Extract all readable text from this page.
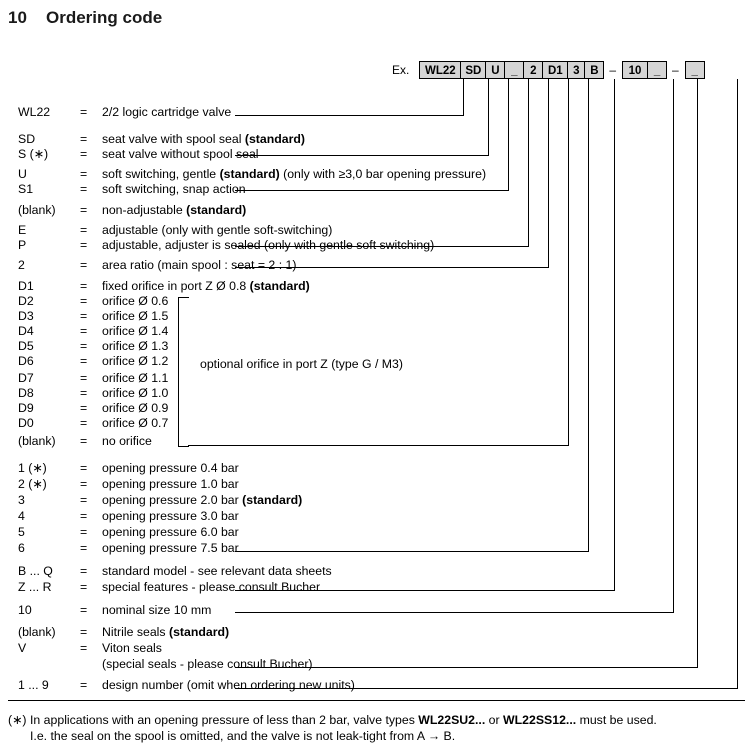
10	Ordering code
Ex.	WL22 SD U	_	2 D1 3 B –	10	_ –	_
WL22	= 2/2 logic cartridge valve
SD	= seat valve with spool seal (standard)
S (∗)	= seat valve without spool seal
U	= soft switching, gentle (standard) (only with ≥3,0 bar opening pressure)
S1	= soft switching, snap action
(blank)	= non-adjustable (standard)
E	= adjustable (only with gentle soft-switching)
P	= adjustable, adjuster is sealed (only with gentle soft switching)
2	= area ratio (main spool : seat = 2 : 1)
D1	= fixed orifice in port Z Ø 0.8 (standard)
D2	= orifice Ø 0.6
D3	= orifice Ø 1.5
D4	= orifice Ø 1.4
D5	= orifice Ø 1.3
D6	= orifice Ø 1.2
D7	= orifice Ø 1.1
D8	= orifice Ø 1.0
D9	= orifice Ø 0.9
D0	= orifice Ø 0.7
(blank)	= no orifice
1 (∗)	= opening pressure 0.4 bar
2 (∗)	= opening pressure 1.0 bar
3	= opening pressure 2.0 bar (standard)
4	= opening pressure 3.0 bar
5	= opening pressure 6.0 bar
6	= opening pressure 7.5 bar
B ... Q	= standard model - see relevant data sheets
Z ... R	= special features - please consult Bucher
10	= nominal size 10 mm
(blank)	= Nitrile seals (standard)
V	= Viton seals
(special seals - please consult Bucher)
1 ... 9	= design number (omit when ordering new units)
optional orifice in port Z (type G / M3)
(∗) In applications with an opening pressure of less than 2 bar, valve types WL22SU2... or WL22SS12... must be used.
I.e. the seal on the spool is omitted, and the valve is not leak-tight from A → B.
